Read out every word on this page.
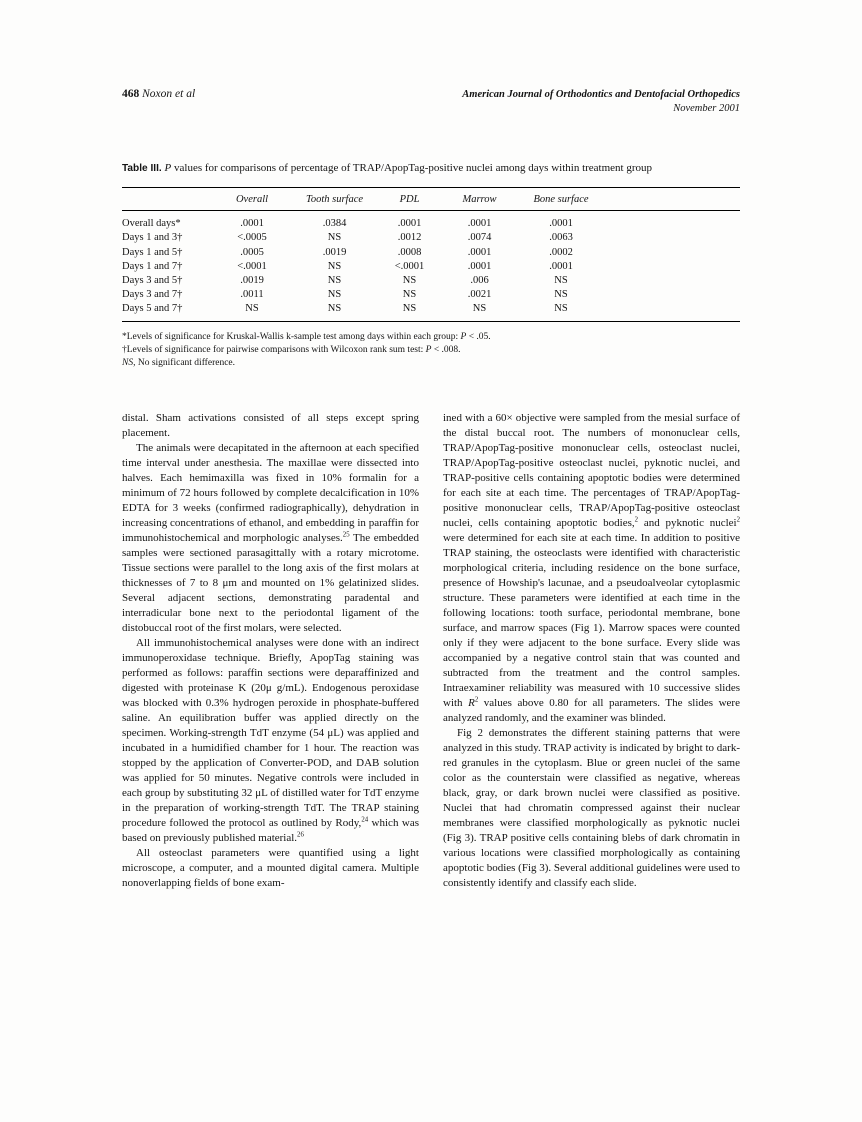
468 Noxon et al	American Journal of Orthodontics and Dentofacial Orthopedics
November 2001
Table III. P values for comparisons of percentage of TRAP/ApopTag-positive nuclei among days within treatment group
	Overall	Tooth surface	PDL	Marrow	Bone surface	
Overall days*	.0001	.0384	.0001	.0001	.0001	
Days 1 and 3†	<.0005	NS	.0012	.0074	.0063	
Days 1 and 5†	.0005	.0019	.0008	.0001	.0002	
Days 1 and 7†	<.0001	NS	<.0001	.0001	.0001	
Days 3 and 5†	.0019	NS	NS	.006	NS	
Days 3 and 7†	.0011	NS	NS	.0021	NS	
Days 5 and 7†	NS	NS	NS	NS	NS	
*Levels of significance for Kruskal-Wallis k-sample test among days within each group: P < .05.
†Levels of significance for pairwise comparisons with Wilcoxon rank sum test: P < .008.
NS, No significant difference.

distal. Sham activations consisted of all steps except spring placement.

The animals were decapitated in the afternoon at each specified time interval under anesthesia. The maxillae were dissected into halves. Each hemimaxilla was fixed in 10% formalin for a minimum of 72 hours followed by complete decalcification in 10% EDTA for 3 weeks (confirmed radiographically), dehydration in increasing concentrations of ethanol, and embedding in paraffin for immunohistochemical and morphologic analyses.$^{25}$ The embedded samples were sectioned parasagittally with a rotary microtome. Tissue sections were parallel to the long axis of the first molars at thicknesses of 7 to 8 μm and mounted on 1% gelatinized slides. Several adjacent sections, demonstrating paradental and interradicular bone next to the periodontal ligament of the distobuccal root of the first molars, were selected.

All immunohistochemical analyses were done with an indirect immunoperoxidase technique. Briefly, ApopTag staining was performed as follows: paraffin sections were deparaffinized and digested with proteinase K (20μ g/mL). Endogenous peroxidase was blocked with 0.3% hydrogen peroxide in phosphate-buffered saline. An equilibration buffer was applied directly on the specimen. Working-strength TdT enzyme (54 μL) was applied and incubated in a humidified chamber for 1 hour. The reaction was stopped by the application of Converter-POD, and DAB solution was applied for 50 minutes. Negative controls were included in each group by substituting 32 μL of distilled water for TdT enzyme in the preparation of working-strength TdT. The TRAP staining procedure followed the protocol as outlined by Rody,$^{24}$ which was based on previously published material.$^{26}$

All osteoclast parameters were quantified using a light microscope, a computer, and a mounted digital camera. Multiple nonoverlapping fields of bone exam-

ined with a 60× objective were sampled from the mesial surface of the distal buccal root. The numbers of mononuclear cells, TRAP/ApopTag-positive mononuclear cells, osteoclast nuclei, TRAP/ApopTag-positive osteoclast nuclei, pyknotic nuclei, and TRAP-positive cells containing apoptotic bodies were determined for each site at each time. The percentages of TRAP/ApopTag-positive mononuclear cells, TRAP/ApopTag-positive osteoclast nuclei, cells containing apoptotic bodies,$^2$ and pyknotic nuclei$^2$ were determined for each site at each time. In addition to positive TRAP staining, the osteoclasts were identified with characteristic morphological criteria, including residence on the bone surface, presence of Howship's lacunae, and a pseudoalveolar cytoplasmic structure. These parameters were identified at each time in the following locations: tooth surface, periodontal membrane, bone surface, and marrow spaces (Fig 1). Marrow spaces were counted only if they were adjacent to the bone surface. Every slide was accompanied by a negative control stain that was counted and subtracted from the treatment and the control samples. Intraexaminer reliability was measured with 10 successive slides with $R^2$ values above 0.80 for all parameters. The slides were analyzed randomly, and the examiner was blinded.

Fig 2 demonstrates the different staining patterns that were analyzed in this study. TRAP activity is indicated by bright to dark-red granules in the cytoplasm. Blue or green nuclei of the same color as the counterstain were classified as negative, whereas black, gray, or dark brown nuclei were classified as positive. Nuclei that had chromatin compressed against their nuclear membranes were classified morphologically as pyknotic nuclei (Fig 3). TRAP positive cells containing blebs of dark chromatin in various locations were classified morphologically as containing apoptotic bodies (Fig 3). Several additional guidelines were used to consistently identify and classify each slide.
